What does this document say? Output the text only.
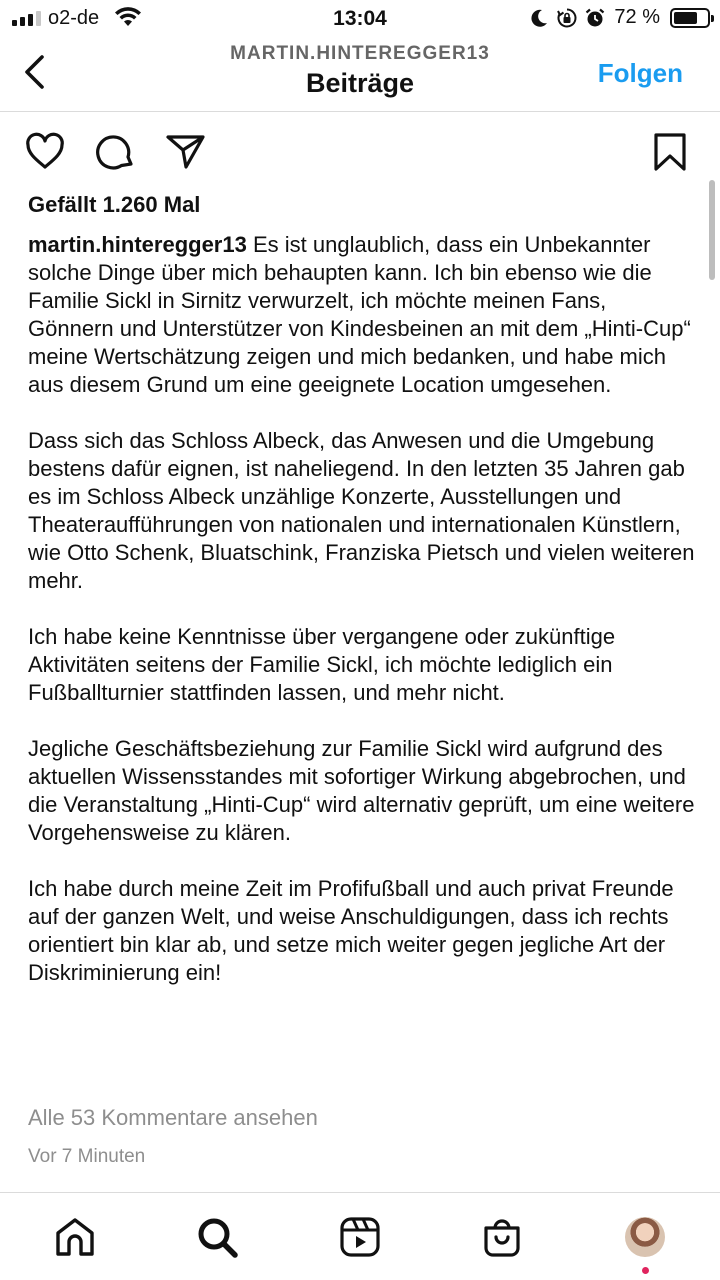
o2-de	13:04	72 %
MARTIN.HINTEREGGER13
Beiträge	Folgen
Gefällt 1.260 Mal

martin.hinteregger13 Es ist unglaublich, dass ein Unbekannter solche Dinge über mich behaupten kann. Ich bin ebenso wie die Familie Sickl in Sirnitz verwurzelt, ich möchte meinen Fans, Gönnern und Unterstützer von Kindesbeinen an mit dem „Hinti-Cup“ meine Wertschätzung zeigen und mich bedanken, und habe mich aus diesem Grund um eine geeignete Location umgesehen.

Dass sich das Schloss Albeck, das Anwesen und die Umgebung bestens dafür eignen, ist naheliegend. In den letzten 35 Jahren gab es im Schloss Albeck unzählige Konzerte, Ausstellungen und Theateraufführungen von nationalen und internationalen Künstlern, wie Otto Schenk, Bluatschink, Franziska Pietsch und vielen weiteren mehr.

Ich habe keine Kenntnisse über vergangene oder zukünftige Aktivitäten seitens der Familie Sickl, ich möchte lediglich ein Fußballturnier stattfinden lassen, und mehr nicht.

Jegliche Geschäftsbeziehung zur Familie Sickl wird aufgrund des aktuellen Wissensstandes mit sofortiger Wirkung abgebrochen, und die Veranstaltung „Hinti-Cup“ wird alternativ geprüft, um eine weitere Vorgehensweise zu klären.

Ich habe durch meine Zeit im Profifußball und auch privat Freunde auf der ganzen Welt, und weise Anschuldigungen, dass ich rechts orientiert bin klar ab, und setze mich weiter gegen jegliche Art der Diskriminierung ein!

Alle 53 Kommentare ansehen
Vor 7 Minuten
